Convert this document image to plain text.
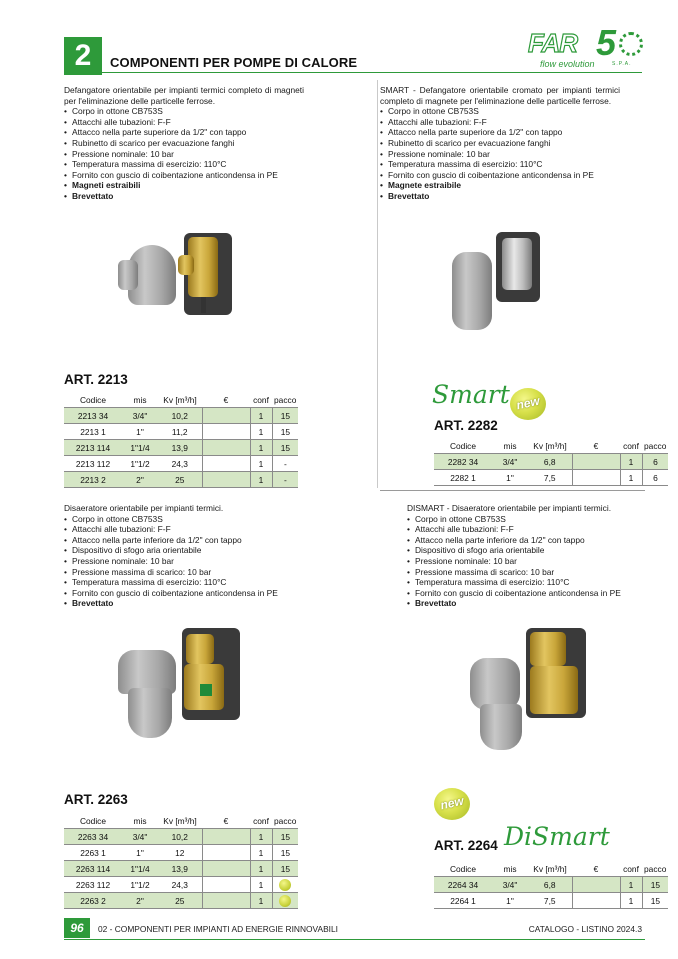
2	COMPONENTI PER POMPE DI CALORE
FAR 5
flow evolution	S.P.A.

Defangatore orientabile per impianti termici completo di magneti per l'eliminazione delle particelle ferrose.

• Corpo in ottone CB753S
• Attacchi alle tubazioni: F-F
• Attacco nella parte superiore da 1/2" con tappo
• Rubinetto di scarico per evacuazione fanghi
• Pressione nominale: 10 bar
• Temperatura massima di esercizio: 110°C
• Fornito con guscio di coibentazione anticondensa in PE
• Magneti estraibili
• Brevettato

SMART - Defangatore orientabile cromato per impianti termici completo di magnete per l'eliminazione delle particelle ferrose.

• Corpo in ottone CB753S
• Attacchi alle tubazioni: F-F
• Attacco nella parte superiore da 1/2" con tappo
• Rubinetto di scarico per evacuazione fanghi
• Pressione nominale: 10 bar
• Temperatura massima di esercizio: 110°C
• Fornito con guscio di coibentazione anticondensa in PE
• Magnete estraibile
• Brevettato
ART. 2213
Codice	mis	Kv [m³/h]	€	conf	pacco
2213 34	3/4"	10,2		1	15
2213 1	1"	11,2		1	15
2213 114	1"1/4	13,9		1	15
2213 112	1"1/2	24,3		1	-
2213 2	2"	25		1	-
Smart new
ART. 2282
Codice	mis	Kv [m³/h]	€	conf	pacco
2282 34	3/4"	6,8		1	6
2282 1	1"	7,5		1	6

Disaeratore orientabile per impianti termici.

• Corpo in ottone CB753S
• Attacchi alle tubazioni: F-F
• Attacco nella parte inferiore da 1/2" con tappo
• Dispositivo di sfogo aria orientabile
• Pressione nominale: 10 bar
• Pressione massima di scarico: 10 bar
• Temperatura massima di esercizio: 110°C
• Fornito con guscio di coibentazione anticondensa in PE
• Brevettato

DISMART - Disaeratore orientabile per impianti termici.

• Corpo in ottone CB753S
• Attacchi alle tubazioni: F-F
• Attacco nella parte inferiore da 1/2" con tappo
• Dispositivo di sfogo aria orientabile
• Pressione nominale: 10 bar
• Pressione massima di scarico: 10 bar
• Temperatura massima di esercizio: 110°C
• Fornito con guscio di coibentazione anticondensa in PE
• Brevettato
ART. 2263
Codice	mis	Kv [m³/h]	€	conf	pacco
2263 34	3/4"	10,2		1	15
2263 1	1"	12		1	15
2263 114	1"1/4	13,9		1	15
2263 112	1"1/2	24,3		1	
2263 2	2"	25		1	
new
ART. 2264 DiSmart
Codice	mis	Kv [m³/h]	€	conf	pacco
2264 34	3/4"	6,8		1	15
2264 1	1"	7,5		1	15
96	02 - COMPONENTI PER IMPIANTI AD ENERGIE RINNOVABILI	CATALOGO - LISTINO 2024.3
